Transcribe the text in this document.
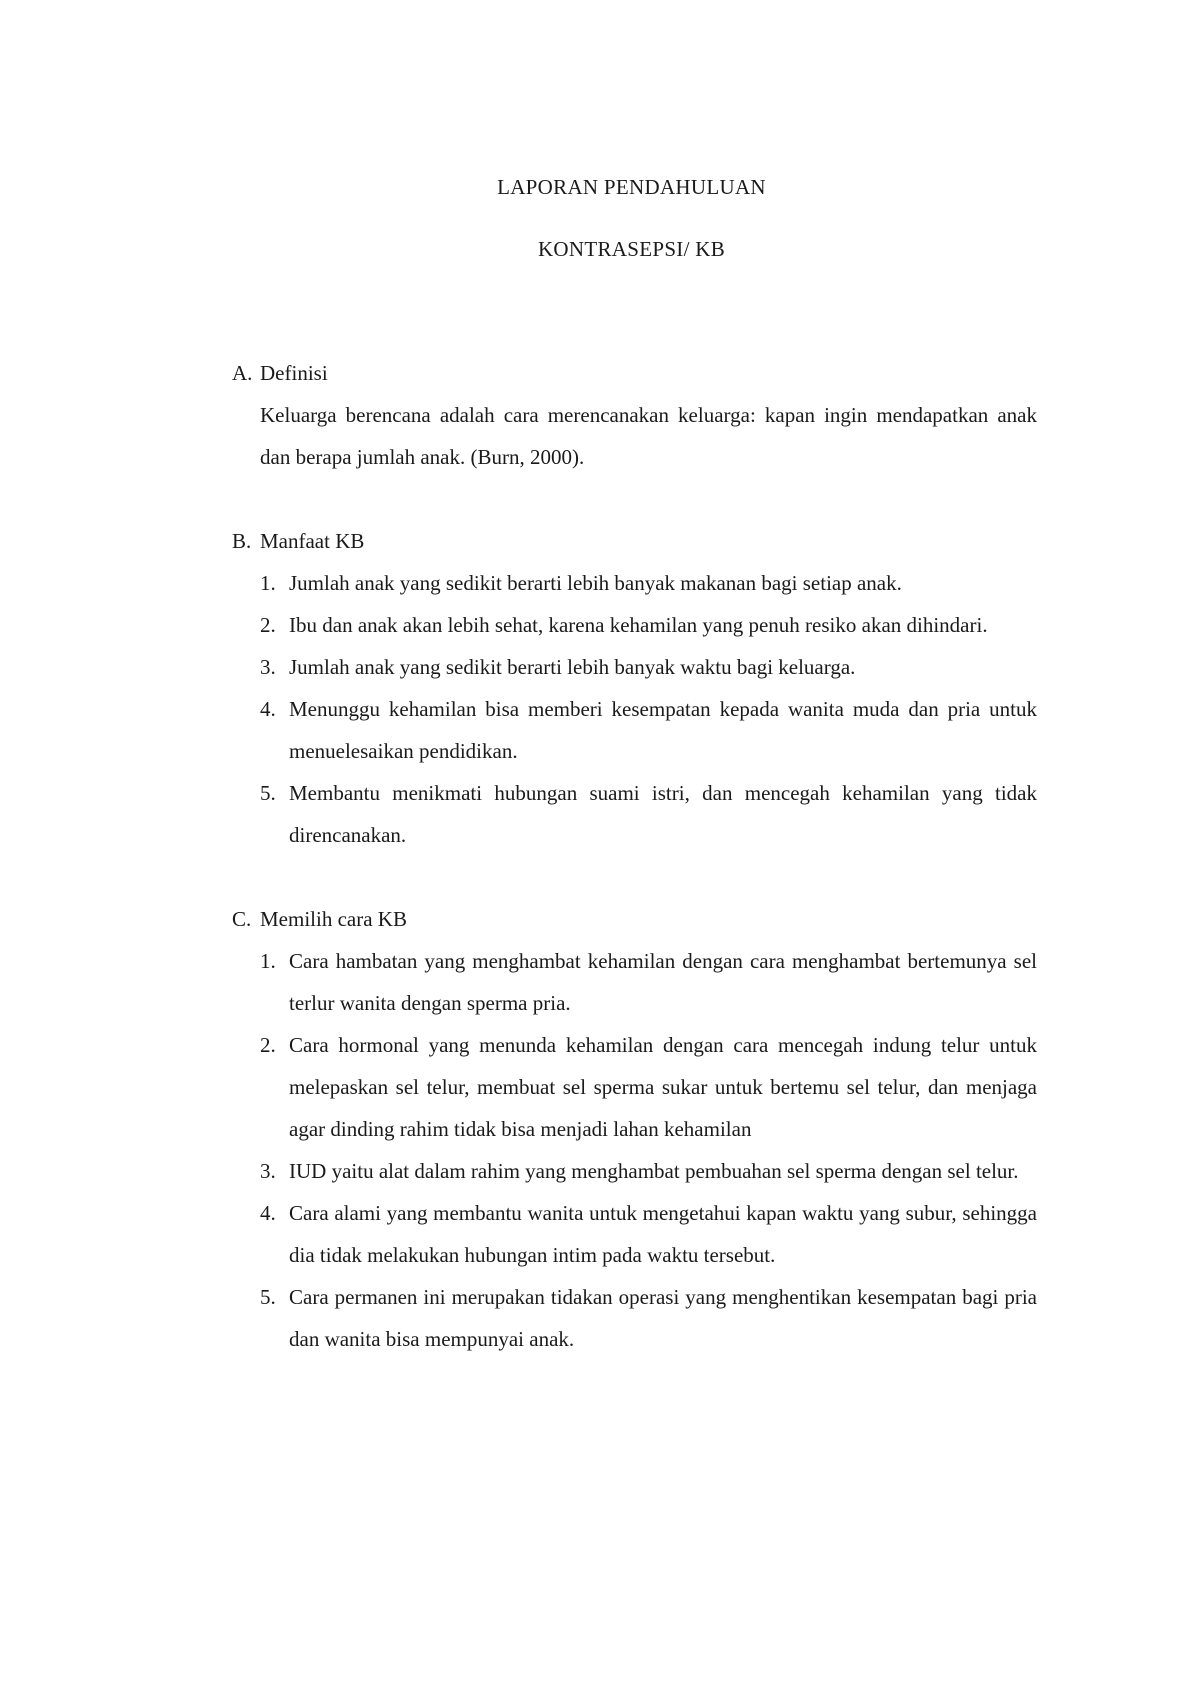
LAPORAN PENDAHULUAN
KONTRASEPSI/ KB
A. Definisi
Keluarga berencana adalah cara merencanakan keluarga: kapan ingin mendapatkan anak dan berapa jumlah anak. (Burn, 2000).
B. Manfaat KB
1. Jumlah anak yang sedikit berarti lebih banyak makanan bagi setiap anak.
2. Ibu dan anak akan lebih sehat, karena kehamilan yang penuh resiko akan dihindari.
3. Jumlah anak yang sedikit berarti lebih banyak waktu bagi keluarga.
4. Menunggu kehamilan bisa memberi kesempatan kepada wanita muda dan pria untuk menuelesaikan pendidikan.
5. Membantu menikmati hubungan suami istri, dan mencegah kehamilan yang tidak direncanakan.
C. Memilih cara KB
1. Cara hambatan yang menghambat kehamilan dengan cara menghambat bertemunya sel terlur wanita dengan sperma pria.
2. Cara hormonal yang menunda kehamilan dengan cara mencegah indung telur untuk melepaskan sel telur, membuat sel sperma sukar untuk bertemu sel telur, dan menjaga agar dinding rahim tidak bisa menjadi lahan kehamilan
3. IUD yaitu alat dalam rahim yang menghambat pembuahan sel sperma dengan sel telur.
4. Cara alami yang membantu wanita untuk mengetahui kapan waktu yang subur, sehingga dia tidak melakukan hubungan intim pada waktu tersebut.
5. Cara permanen ini merupakan tidakan operasi yang menghentikan kesempatan bagi pria dan wanita bisa mempunyai anak.
